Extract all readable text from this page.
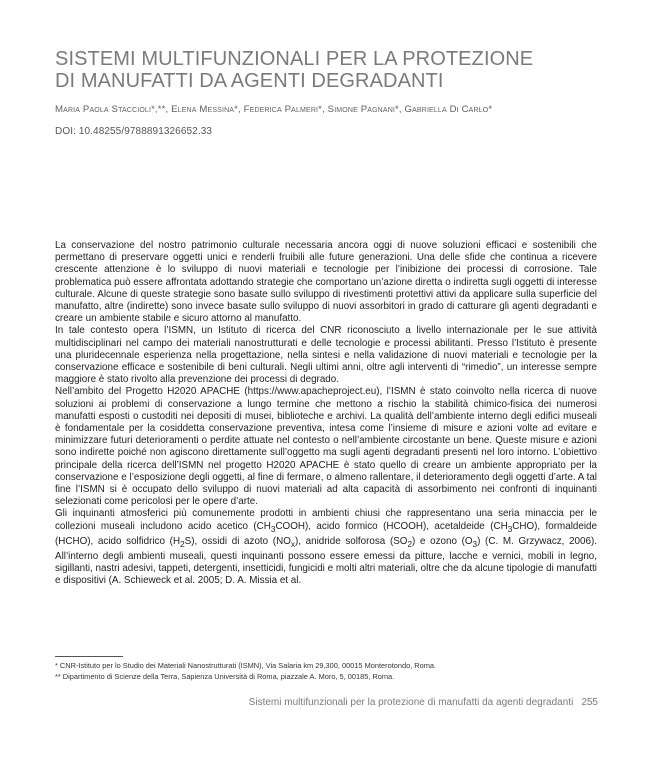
SISTEMI MULTIFUNZIONALI PER LA PROTEZIONE
DI MANUFATTI DA AGENTI DEGRADANTI
Maria Paola Staccioli*,**, Elena Messina*, Federica Palmeri*, Simone Pagnani*, Gabriella Di Carlo*
DOI: 10.48255/9788891326652.33

La conservazione del nostro patrimonio culturale necessaria ancora oggi di nuove soluzioni efficaci e sostenibili che permettano di preservare oggetti unici e renderli fruibili alle future generazioni. Una delle sfide che continua a ricevere crescente attenzione è lo sviluppo di nuovi materiali e tecnologie per l’inibizione dei processi di corrosione. Tale problematica può essere affrontata adottando strategie che comportano un’azione diretta o indiretta sugli oggetti di interesse culturale. Alcune di queste strategie sono basate sullo sviluppo di rivestimenti protettivi attivi da applicare sulla superficie del manufatto, altre (indirette) sono invece basate sullo sviluppo di nuovi assorbitori in grado di catturare gli agenti degradanti e creare un ambiente stabile e sicuro attorno al manufatto.

In tale contesto opera l’ISMN, un Istituto di ricerca del CNR riconosciuto a livello internazionale per le sue attività multidisciplinari nel campo dei materiali nanostrutturati e delle tecnologie e processi abilitanti. Presso l’Istituto è presente una pluridecennale esperienza nella progettazione, nella sintesi e nella validazione di nuovi materiali e tecnologie per la conservazione efficace e sostenibile di beni culturali. Negli ultimi anni, oltre agli interventi di “rimedio”, un interesse sempre maggiore è stato rivolto alla prevenzione dei processi di degrado.

Nell’ambito del Progetto H2020 APACHE (https://www.apacheproject.eu), l’ISMN è stato coinvolto nella ricerca di nuove soluzioni ai problemi di conservazione a lungo termine che mettono a rischio la stabilità chimico-fisica dei numerosi manufatti esposti o custoditi nei depositi di musei, biblioteche e archivi. La qualità dell’ambiente interno degli edifici museali è fondamentale per la cosiddetta conservazione preventiva, intesa come l’insieme di misure e azioni volte ad evitare e minimizzare futuri deterioramenti o perdite attuate nel contesto o nell’ambiente circostante un bene. Queste misure e azioni sono indirette poiché non agiscono direttamente sull’oggetto ma sugli agenti degradanti presenti nel loro intorno. L’obiettivo principale della ricerca dell’ISMN nel progetto H2020 APACHE è stato quello di creare un ambiente appropriato per la conservazione e l’esposizione degli oggetti, al fine di fermare, o almeno rallentare, il deterioramento degli oggetti d’arte. A tal fine l’ISMN si è occupato dello sviluppo di nuovi materiali ad alta capacità di assorbimento nei confronti di inquinanti selezionati come pericolosi per le opere d’arte.

Gli inquinanti atmosferici più comunemente prodotti in ambienti chiusi che rappresentano una seria minaccia per le collezioni museali includono acido acetico $(CH_3COOH)$, acido formico (HCOOH), acetaldeide $(CH_3CHO)$, formaldeide (HCHO), acido solfidrico $(H_2S)$, ossidi di azoto $(NO_x)$, anidride solforosa $(SO_2)$ e ozono $(O_3)$ (C. M. Grzywacz, 2006). All’interno degli ambienti museali, questi inquinanti possono essere emessi da pitture, lacche e vernici, mobili in legno, sigillanti, nastri adesivi, tappeti, detergenti, insetticidi, fungicidi e molti altri materiali, oltre che da alcune tipologie di manufatti e dispositivi (A. Schieweck et al. 2005; D. A. Missia et al.

* CNR-Istituto per lo Studio dei Materiali Nanostrutturati (ISMN), Via Salaria km 29,300, 00015 Monterotondo, Roma.
** Dipartimento di Scienze della Terra, Sapienza Università di Roma, piazzale A. Moro, 5, 00185, Roma.
Sistemi multifunzionali per la protezione di manufatti da agenti degradanti 255
